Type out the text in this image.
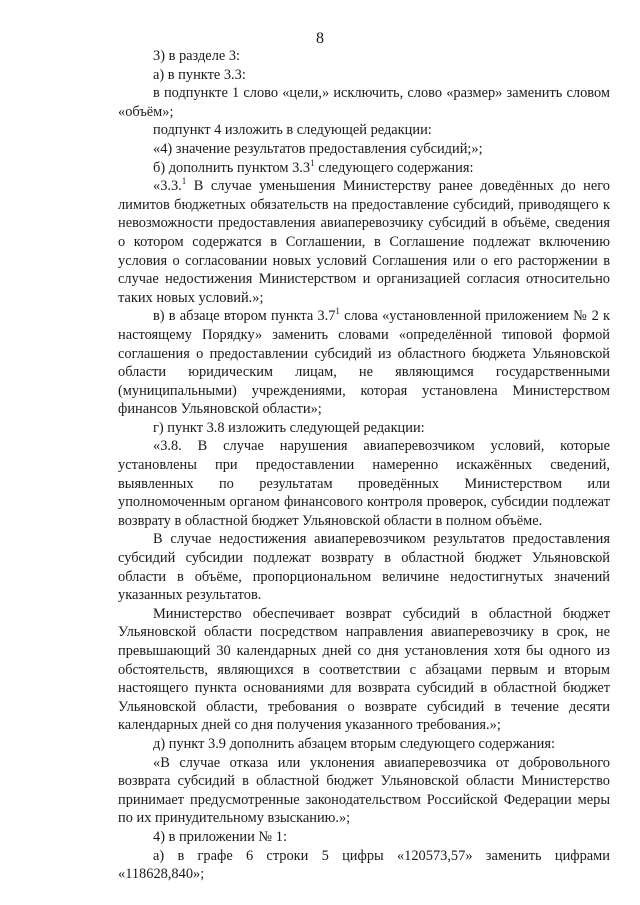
8

3) в разделе 3:

а) в пункте 3.3:

в подпункте 1 слово «цели,» исключить, слово «размер» заменить словом «объём»;

подпункт 4 изложить в следующей редакции:

«4) значение результатов предоставления субсидий;»;

б) дополнить пунктом $3.3^1$ следующего содержания:

«3.3.$^1$ В случае уменьшения Министерству ранее доведённых до него лимитов бюджетных обязательств на предоставление субсидий, приводящего к невозможности предоставления авиаперевозчику субсидий в объёме, сведения о котором содержатся в Соглашении, в Соглашение подлежат включению условия о согласовании новых условий Соглашения или о его расторжении в случае недостижения Министерством и организацией согласия относительно таких новых условий.»;

в) в абзаце втором пункта $3.7^1$ слова «установленной приложением № 2 к настоящему Порядку» заменить словами «определённой типовой формой соглашения о предоставлении субсидий из областного бюджета Ульяновской области юридическим лицам, не являющимся государственными (муниципальными) учреждениями, которая установлена Министерством финансов Ульяновской области»;

г) пункт 3.8 изложить следующей редакции:

«3.8. В случае нарушения авиаперевозчиком условий, которые установлены при предоставлении намеренно искажённых сведений, выявленных по результатам проведённых Министерством или уполномоченным органом финансового контроля проверок, субсидии подлежат возврату в областной бюджет Ульяновской области в полном объёме.

В случае недостижения авиаперевозчиком результатов предоставления субсидий субсидии подлежат возврату в областной бюджет Ульяновской области в объёме, пропорциональном величине недостигнутых значений указанных результатов.

Министерство обеспечивает возврат субсидий в областной бюджет Ульяновской области посредством направления авиаперевозчику в срок, не превышающий 30 календарных дней со дня установления хотя бы одного из обстоятельств, являющихся в соответствии с абзацами первым и вторым настоящего пункта основаниями для возврата субсидий в областной бюджет Ульяновской области, требования о возврате субсидий в течение десяти календарных дней со дня получения указанного требования.»;

д) пункт 3.9 дополнить абзацем вторым следующего содержания:

«В случае отказа или уклонения авиаперевозчика от добровольного возврата субсидий в областной бюджет Ульяновской области Министерство принимает предусмотренные законодательством Российской Федерации меры по их принудительному взысканию.»;

4) в приложении № 1:

а) в графе 6 строки 5 цифры «120573,57» заменить цифрами «118628,840»;
